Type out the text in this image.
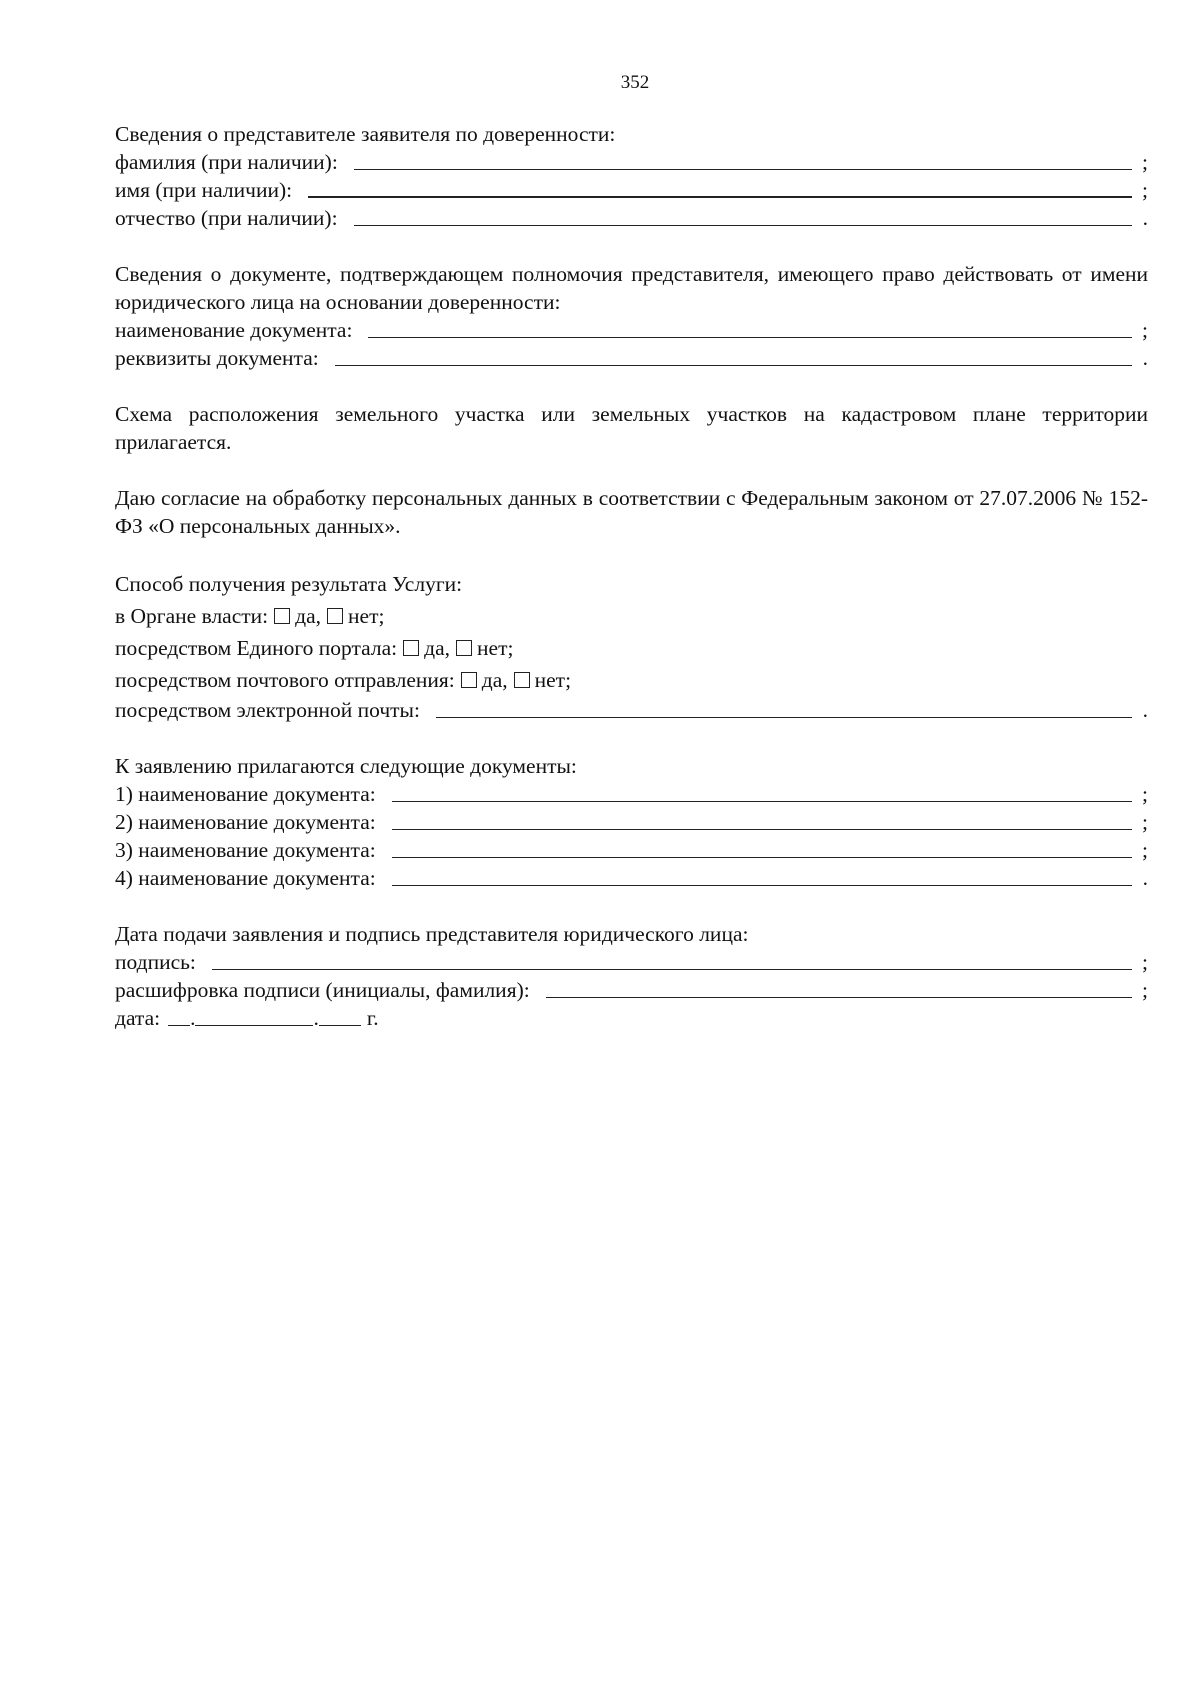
352
Сведения о представителе заявителя по доверенности:
фамилия (при наличии):	;
имя (при наличии):	;
отчество (при наличии):	.
Сведения о документе, подтверждающем полномочия представителя, имеющего право действовать от имени юридического лица на основании доверенности:
наименование документа:	;
реквизиты документа:	.
Схема расположения земельного участка или земельных участков на кадастровом плане территории прилагается.
Даю согласие на обработку персональных данных в соответствии с Федеральным законом от 27.07.2006 № 152-ФЗ «О персональных данных».
Способ получения результата Услуги:
в Органе власти: да, нет;
посредством Единого портала: да, нет;
посредством почтового отправления: да, нет;
посредством электронной почты:	.
К заявлению прилагаются следующие документы:
1) наименование документа:	;
2) наименование документа:	;
3) наименование документа:	;
4) наименование документа:	.
Дата подачи заявления и подпись представителя юридического лица:
подпись:	;
расшифровка подписи (инициалы, фамилия):	;
дата: .	. г.
